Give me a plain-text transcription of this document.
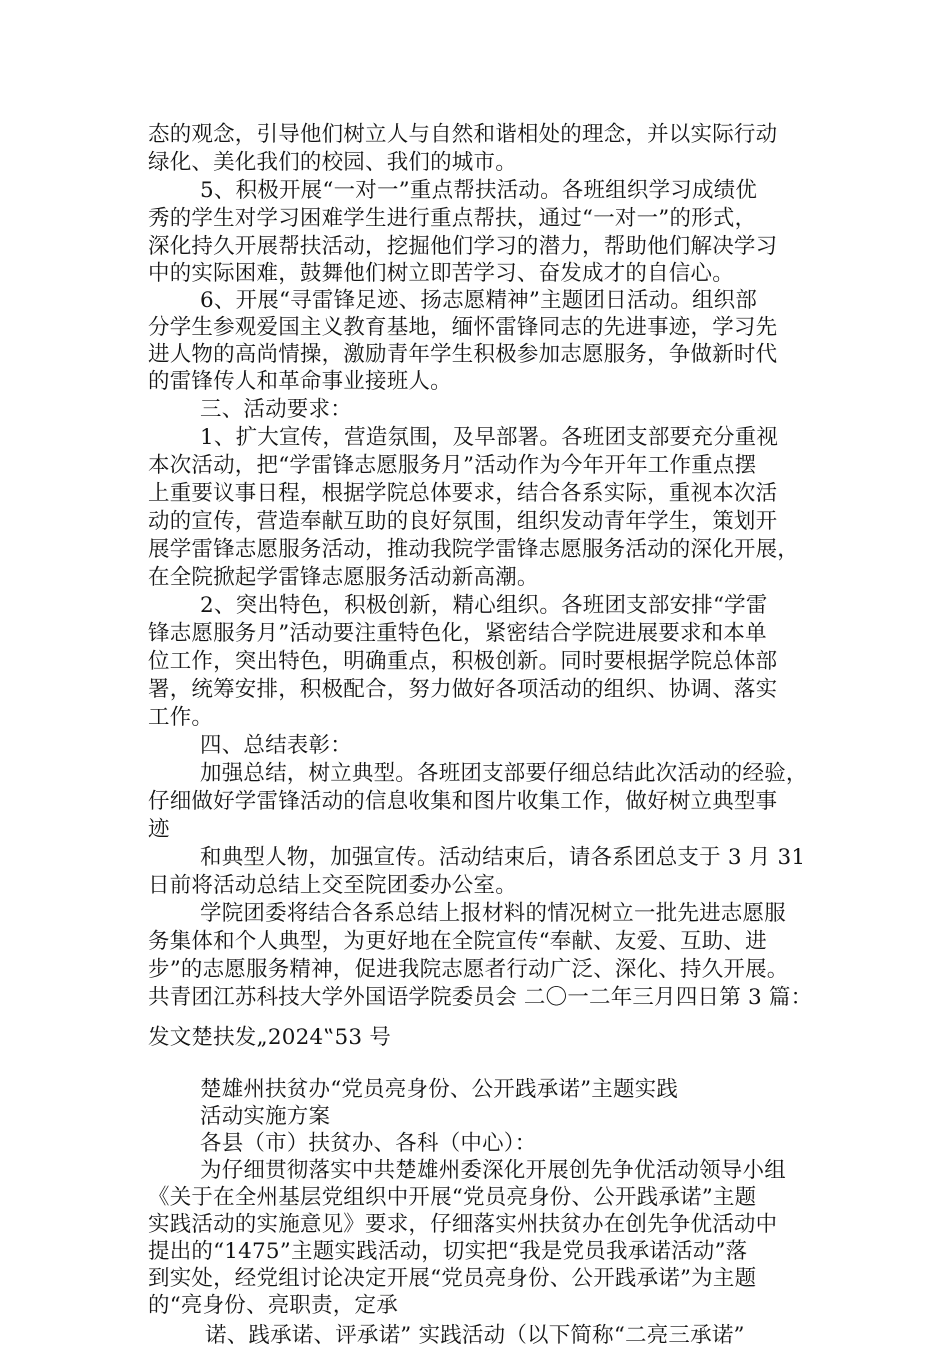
态的观念，引导他们树立人与自然和谐相处的理念，并以实际行动
绿化、美化我们的校园、我们的城市。
5、积极开展“一对一”重点帮扶活动。各班组织学习成绩优
秀的学生对学习困难学生进行重点帮扶，通过“一对一”的形式，
深化持久开展帮扶活动，挖掘他们学习的潜力，帮助他们解决学习
中的实际困难，鼓舞他们树立即苦学习、奋发成才的自信心。
6、开展“寻雷锋足迹、扬志愿精神”主题团日活动。组织部
分学生参观爱国主义教育基地，缅怀雷锋同志的先进事迹，学习先
进人物的高尚情操，激励青年学生积极参加志愿服务，争做新时代
的雷锋传人和革命事业接班人。
三、活动要求：
1、扩大宣传，营造氛围，及早部署。各班团支部要充分重视
本次活动，把“学雷锋志愿服务月”活动作为今年开年工作重点摆
上重要议事日程，根据学院总体要求，结合各系实际，重视本次活
动的宣传，营造奉献互助的良好氛围，组织发动青年学生，策划开
展学雷锋志愿服务活动，推动我院学雷锋志愿服务活动的深化开展，
在全院掀起学雷锋志愿服务活动新高潮。
2、突出特色，积极创新，精心组织。各班团支部安排“学雷
锋志愿服务月”活动要注重特色化，紧密结合学院进展要求和本单
位工作，突出特色，明确重点，积极创新。同时要根据学院总体部
署，统筹安排，积极配合，努力做好各项活动的组织、协调、落实
工作。
四、总结表彰：
加强总结，树立典型。各班团支部要仔细总结此次活动的经验，
仔细做好学雷锋活动的信息收集和图片收集工作，做好树立典型事
迹
和典型人物，加强宣传。活动结束后，请各系团总支于 3 月 31
日前将活动总结上交至院团委办公室。
学院团委将结合各系总结上报材料的情况树立一批先进志愿服
务集体和个人典型，为更好地在全院宣传“奉献、友爱、互助、进
步”的志愿服务精神，促进我院志愿者行动广泛、深化、持久开展。
共青团江苏科技大学外国语学院委员会 二〇一二年三月四日第 3 篇：
发文楚扶发„2024‟53 号
楚雄州扶贫办“党员亮身份、公开践承诺”主题实践
活动实施方案
各县（市）扶贫办、各科（中心）：
为仔细贯彻落实中共楚雄州委深化开展创先争优活动领导小组
《关于在全州基层党组织中开展“党员亮身份、公开践承诺”主题
实践活动的实施意见》要求，仔细落实州扶贫办在创先争优活动中
提出的“1475”主题实践活动，切实把“我是党员我承诺活动”落
到实处，经党组讨论决定开展“党员亮身份、公开践承诺”为主题
的“亮身份、亮职责，定承
诺、践承诺、评承诺” 实践活动（以下简称“二亮三承诺”
